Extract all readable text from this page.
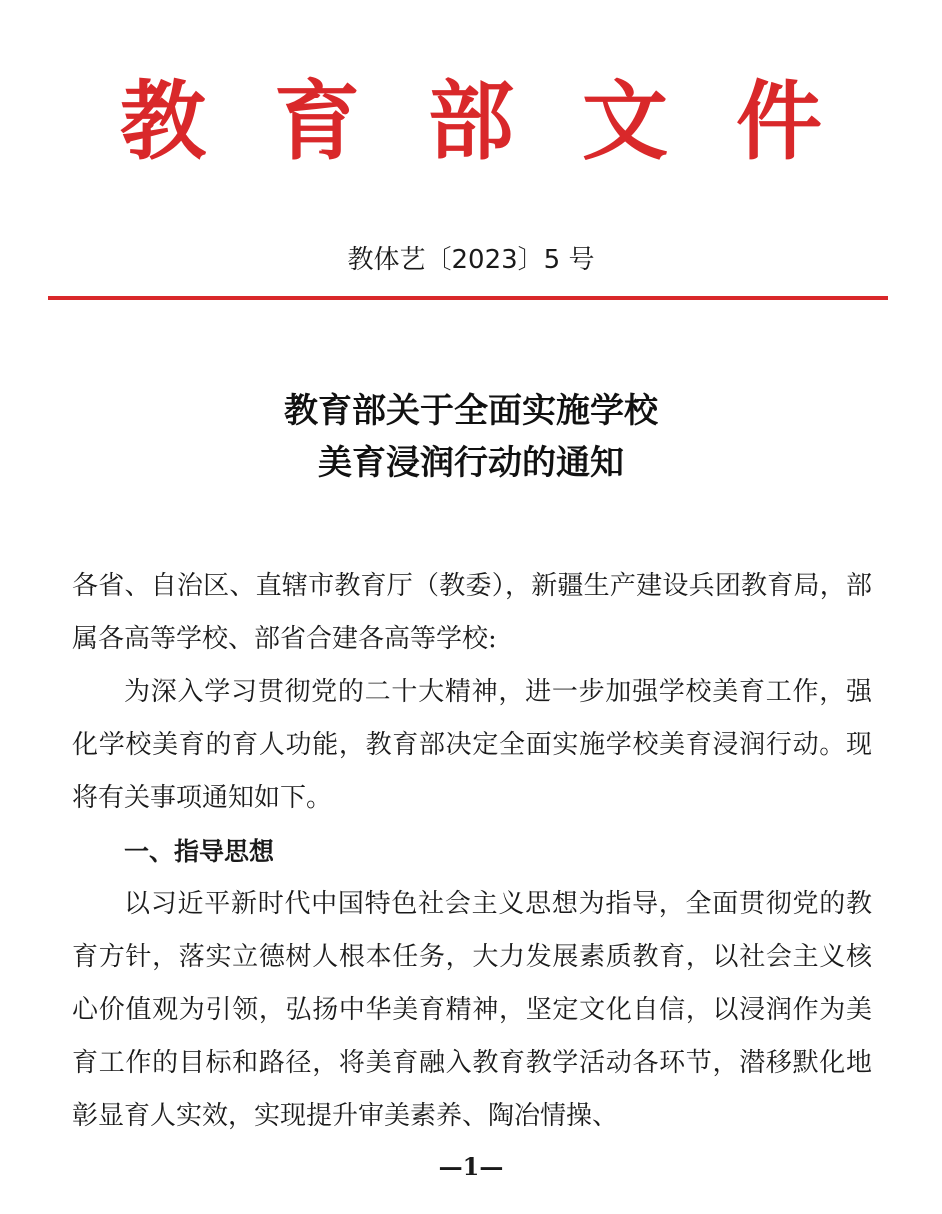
教 育 部 文 件
教体艺〔2023〕5 号
教育部关于全面实施学校
美育浸润行动的通知

各省、自治区、直辖市教育厅（教委），新疆生产建设兵团教育局，部属各高等学校、部省合建各高等学校:

为深入学习贯彻党的二十大精神，进一步加强学校美育工作，强化学校美育的育人功能，教育部决定全面实施学校美育浸润行动。现将有关事项通知如下。

一、指导思想

以习近平新时代中国特色社会主义思想为指导，全面贯彻党的教育方针，落实立德树人根本任务，大力发展素质教育，以社会主义核心价值观为引领，弘扬中华美育精神，坚定文化自信，以浸润作为美育工作的目标和路径，将美育融入教育教学活动各环节，潜移默化地彰显育人实效，实现提升审美素养、陶冶情操、

—1—
